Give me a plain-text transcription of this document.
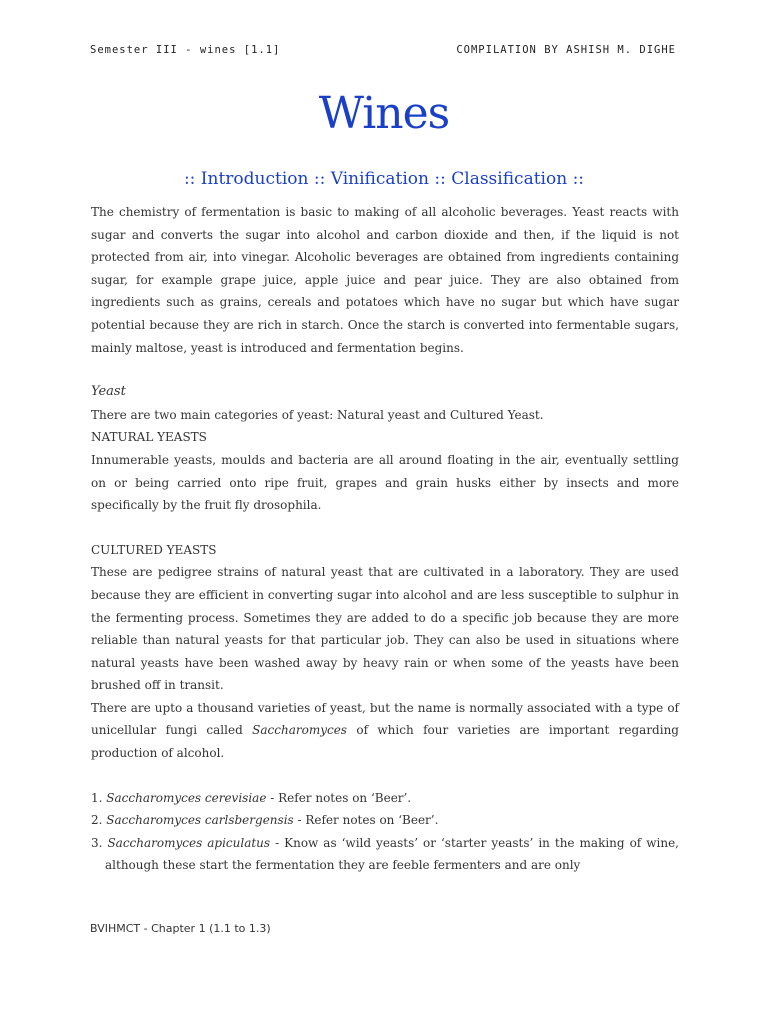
Semester III - wines [1.1]	COMPILATION BY ASHISH M. DIGHE
Wines
:: Introduction :: Vinification :: Classification ::

The chemistry of fermentation is basic to making of all alcoholic beverages. Yeast reacts with sugar and converts the sugar into alcohol and carbon dioxide and then, if the liquid is not protected from air, into vinegar. Alcoholic beverages are obtained from ingredients containing sugar, for example grape juice, apple juice and pear juice. They are also obtained from ingredients such as grains, cereals and potatoes which have no sugar but which have sugar potential because they are rich in starch. Once the starch is converted into fermentable sugars, mainly maltose, yeast is introduced and fermentation begins.

Yeast

There are two main categories of yeast: Natural yeast and Cultured Yeast.

NATURAL YEASTS

Innumerable yeasts, moulds and bacteria are all around floating in the air, eventually settling on or being carried onto ripe fruit, grapes and grain husks either by insects and more specifically by the fruit fly drosophila.

CULTURED YEASTS

These are pedigree strains of natural yeast that are cultivated in a laboratory. They are used because they are efficient in converting sugar into alcohol and are less susceptible to sulphur in the fermenting process. Sometimes they are added to do a specific job because they are more reliable than natural yeasts for that particular job. They can also be used in situations where natural yeasts have been washed away by heavy rain or when some of the yeasts have been brushed off in transit.

There are upto a thousand varieties of yeast, but the name is normally associated with a type of unicellular fungi called Saccharomyces of which four varieties are important regarding production of alcohol.

1. Saccharomyces cerevisiae - Refer notes on ‘Beer’.
2. Saccharomyces carlsbergensis - Refer notes on ‘Beer’.
3. Saccharomyces apiculatus - Know as ‘wild yeasts’ or ‘starter yeasts’ in the making of wine, although these start the fermentation they are feeble fermenters and are only
BVIHMCT - Chapter 1 (1.1 to 1.3)
